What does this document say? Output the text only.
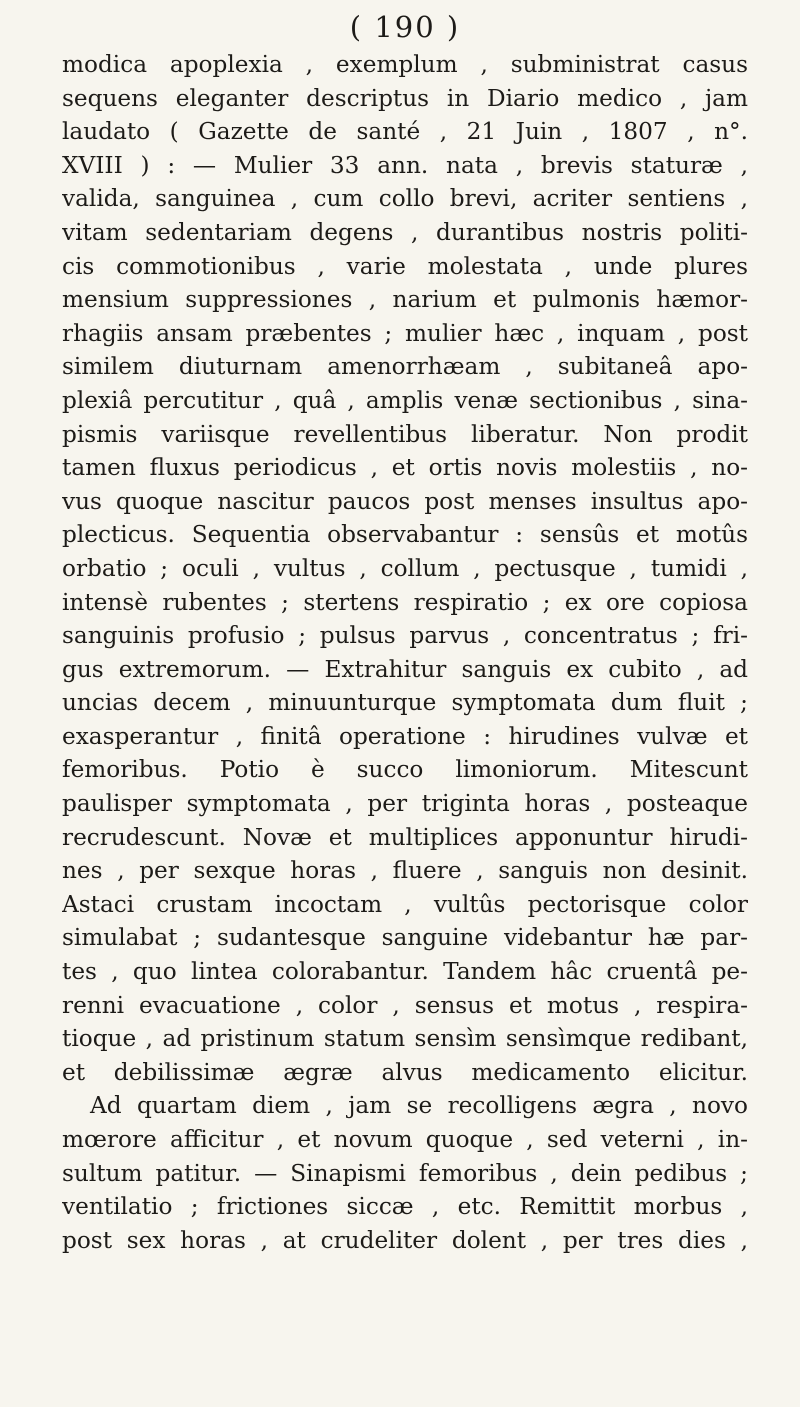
( 190 )
modica apoplexia , exemplum , subministrat casus
sequens eleganter descriptus in Diario medico , jam
laudato ( Gazette de santé , 21 Juin , 1807 , n°.
XVIII ) : — Mulier 33 ann. nata , brevis staturæ ,
valida, sanguinea , cum collo brevi, acriter sentiens ,
vitam sedentariam degens , durantibus nostris politi-
cis commotionibus , varie molestata , unde plures
mensium suppressiones , narium et pulmonis hæmor-
rhagiis ansam præbentes ; mulier hæc , inquam , post
similem diuturnam amenorrhæam , subitaneâ apo-
plexiâ percutitur , quâ , amplis venæ sectionibus , sina-
pismis variisque revellentibus liberatur. Non prodit
tamen fluxus periodicus , et ortis novis molestiis , no-
vus quoque nascitur paucos post menses insultus apo-
plecticus. Sequentia observabantur : sensûs et motûs
orbatio ; oculi , vultus , collum , pectusque , tumidi ,
intensè rubentes ; stertens respiratio ; ex ore copiosa
sanguinis profusio ; pulsus parvus , concentratus ; fri-
gus extremorum. — Extrahitur sanguis ex cubito , ad
uncias decem , minuunturque symptomata dum fluit ;
exasperantur , finitâ operatione : hirudines vulvæ et
femoribus. Potio è succo limoniorum. Mitescunt
paulisper symptomata , per triginta horas , posteaque
recrudescunt. Novæ et multiplices apponuntur hirudi-
nes , per sexque horas , fluere , sanguis non desinit.
Astaci crustam incoctam , vultûs pectorisque color
simulabat ; sudantesque sanguine videbantur hæ par-
tes , quo lintea colorabantur. Tandem hâc cruentâ pe-
renni evacuatione , color , sensus et motus , respira-
tioque , ad pristinum statum sensìm sensìmque redibant,
et debilissimæ ægræ alvus medicamento elicitur.
Ad quartam diem , jam se recolligens ægra , novo
mœrore afficitur , et novum quoque , sed veterni , in-
sultum patitur. — Sinapismi femoribus , dein pedibus ;
ventilatio ; frictiones siccæ , etc. Remittit morbus ,
post sex horas , at crudeliter dolent , per tres dies ,
